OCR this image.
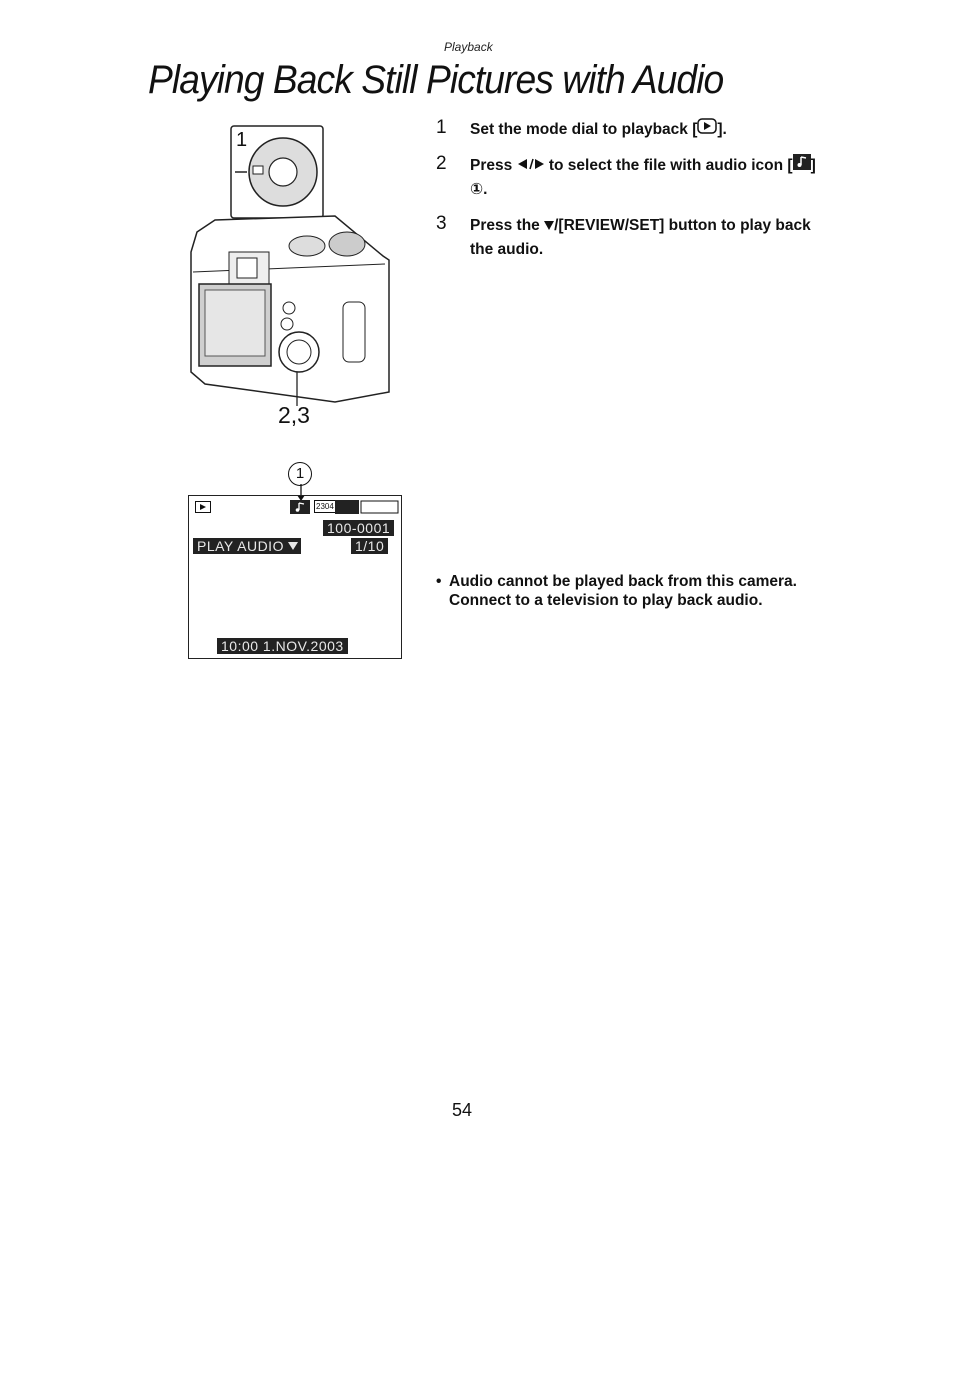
Playback
Playing Back Still Pictures with Audio
1
2,3
1 Set the mode dial to playback [ ].
2 Press  to select the file with audio icon [ ] ①.
3 Press the /[REVIEW/SET] button to play back the audio.
1
2304
100-0001
PLAY AUDIO	1/10
10:00 1.NOV.2003
• Audio cannot be played back from this camera. Connect to a television to play back audio.
54
